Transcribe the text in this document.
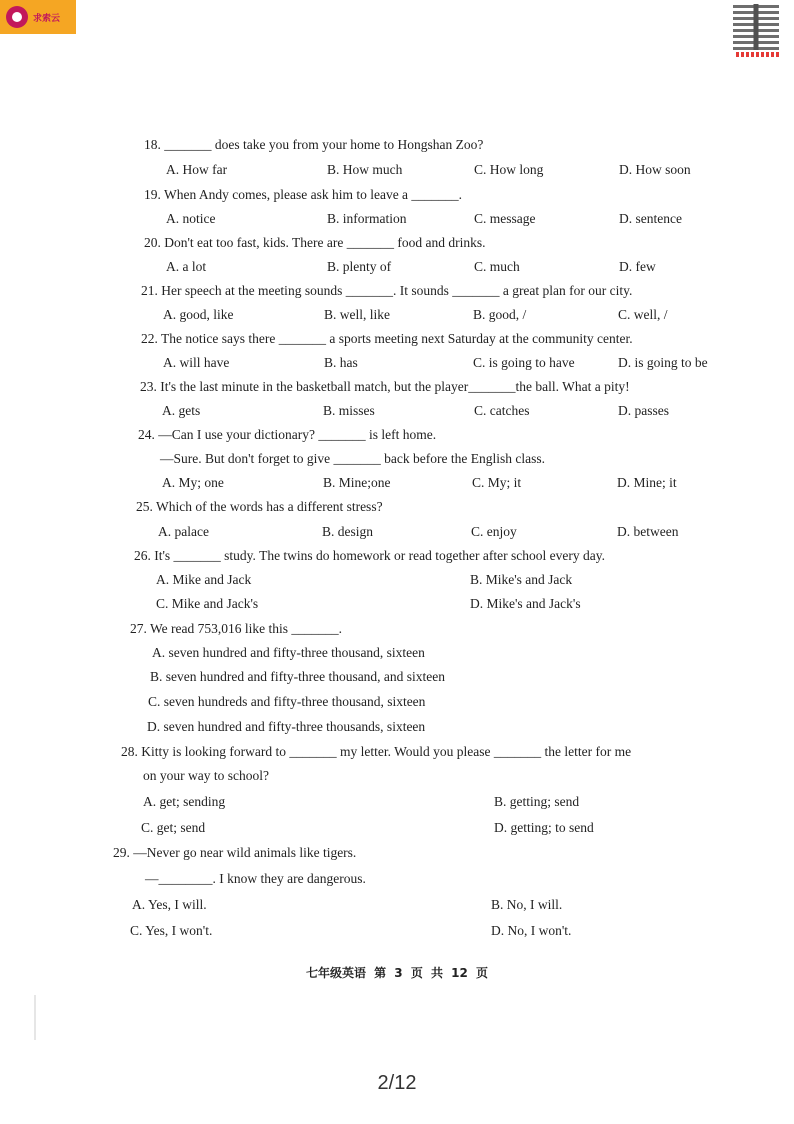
求索云
18. _______ does take you from your home to Hongshan Zoo?
A. How far	B. How much	C. How long	D. How soon
19. When Andy comes, please ask him to leave a _______.
A. notice	B. information	C. message	D. sentence
20. Don't eat too fast, kids. There are _______ food and drinks.
A. a lot	B. plenty of	C. much	D. few
21. Her speech at the meeting sounds _______. It sounds _______ a great plan for our city.
A. good, like	B. well, like	B. good, /	C. well, /
22. The notice says there _______ a sports meeting next Saturday at the community center.
A. will have	B. has	C. is going to have	D. is going to be
23. It's the last minute in the basketball match, but the player_______the ball. What a pity!
A. gets	B. misses	C. catches	D. passes
24. —Can I use your dictionary? _______ is left home.
—Sure. But don't forget to give _______ back before the English class.
A. My; one	B. Mine;one	C. My; it	D. Mine; it
25. Which of the words has a different stress?
A. palace	B. design	C. enjoy	D. between
26. It's _______ study. The twins do homework or read together after school every day.
A. Mike and Jack	B. Mike's and Jack
C. Mike and Jack's	D. Mike's and Jack's
27. We read 753,016 like this _______.
A. seven hundred and fifty-three thousand, sixteen
B. seven hundred and fifty-three thousand, and sixteen
C. seven hundreds and fifty-three thousand, sixteen
D. seven hundred and fifty-three thousands, sixteen
28. Kitty is looking forward to _______ my letter. Would you please _______ the letter for me
on your way to school?
A. get; sending	B. getting; send
C. get; send	D. getting; to send
29. —Never go near wild animals like tigers.
—________. I know they are dangerous.
A. Yes, I will.	B. No, I will.
C. Yes, I won't.	D. No, I won't.
七年级英语 第 3 页 共 12 页
2/12
